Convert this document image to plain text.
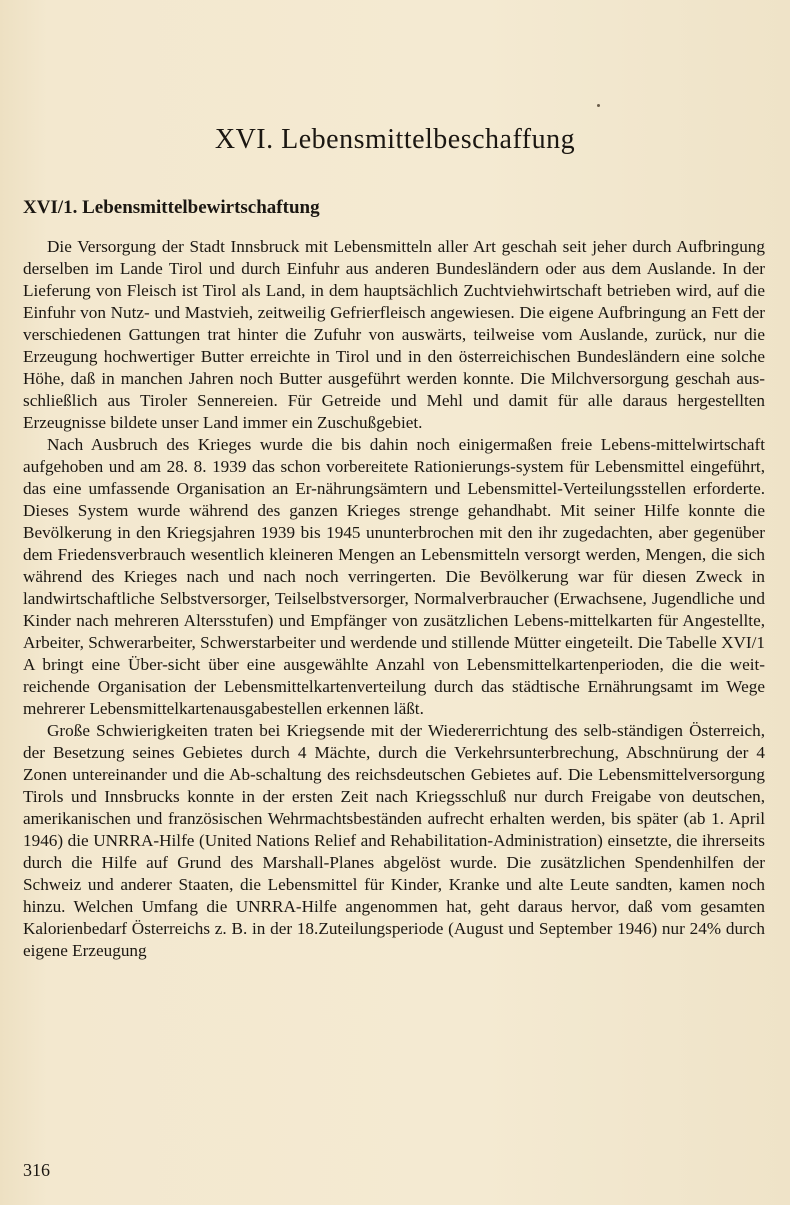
XVI. Lebensmittelbeschaffung
XVI/1. Lebensmittelbewirtschaftung

Die Versorgung der Stadt Innsbruck mit Lebensmitteln aller Art geschah seit jeher durch Aufbringung derselben im Lande Tirol und durch Einfuhr aus anderen Bundesländern oder aus dem Auslande. In der Lieferung von Fleisch ist Tirol als Land, in dem hauptsächlich Zuchtviehwirtschaft betrieben wird, auf die Einfuhr von Nutz- und Mastvieh, zeitweilig Gefrierfleisch angewiesen. Die eigene Aufbringung an Fett der verschiedenen Gattungen trat hinter die Zufuhr von auswärts, teilweise vom Auslande, zurück, nur die Erzeugung hochwertiger Butter erreichte in Tirol und in den österreichischen Bundesländern eine solche Höhe, daß in manchen Jahren noch Butter ausgeführt werden konnte. Die Milchversorgung geschah aus-schließlich aus Tiroler Sennereien. Für Getreide und Mehl und damit für alle daraus hergestellten Erzeugnisse bildete unser Land immer ein Zuschußgebiet.

Nach Ausbruch des Krieges wurde die bis dahin noch einigermaßen freie Lebens-mittelwirtschaft aufgehoben und am 28. 8. 1939 das schon vorbereitete Rationierungs-system für Lebensmittel eingeführt, das eine umfassende Organisation an Er-nährungsämtern und Lebensmittel-Verteilungsstellen erforderte. Dieses System wurde während des ganzen Krieges strenge gehandhabt. Mit seiner Hilfe konnte die Bevölkerung in den Kriegsjahren 1939 bis 1945 ununterbrochen mit den ihr zugedachten, aber gegenüber dem Friedensverbrauch wesentlich kleineren Mengen an Lebensmitteln versorgt werden, Mengen, die sich während des Krieges nach und nach noch verringerten. Die Bevölkerung war für diesen Zweck in landwirtschaftliche Selbstversorger, Teilselbstversorger, Normalverbraucher (Erwachsene, Jugendliche und Kinder nach mehreren Altersstufen) und Empfänger von zusätzlichen Lebens-mittelkarten für Angestellte, Arbeiter, Schwerarbeiter, Schwerstarbeiter und werdende und stillende Mütter eingeteilt. Die Tabelle XVI/1 A bringt eine Über-sicht über eine ausgewählte Anzahl von Lebensmittelkartenperioden, die die weit-reichende Organisation der Lebensmittelkartenverteilung durch das städtische Ernährungsamt im Wege mehrerer Lebensmittelkartenausgabestellen erkennen läßt.

Große Schwierigkeiten traten bei Kriegsende mit der Wiedererrichtung des selb-ständigen Österreich, der Besetzung seines Gebietes durch 4 Mächte, durch die Verkehrsunterbrechung, Abschnürung der 4 Zonen untereinander und die Ab-schaltung des reichsdeutschen Gebietes auf. Die Lebensmittelversorgung Tirols und Innsbrucks konnte in der ersten Zeit nach Kriegsschluß nur durch Freigabe von deutschen, amerikanischen und französischen Wehrmachtsbeständen aufrecht erhalten werden, bis später (ab 1. April 1946) die UNRRA-Hilfe (United Nations Relief and Rehabilitation-Administration) einsetzte, die ihrerseits durch die Hilfe auf Grund des Marshall-Planes abgelöst wurde. Die zusätzlichen Spendenhilfen der Schweiz und anderer Staaten, die Lebensmittel für Kinder, Kranke und alte Leute sandten, kamen noch hinzu. Welchen Umfang die UNRRA-Hilfe angenommen hat, geht daraus hervor, daß vom gesamten Kalorienbedarf Österreichs z. B. in der 18.Zuteilungsperiode (August und September 1946) nur 24% durch eigene Erzeugung

316
